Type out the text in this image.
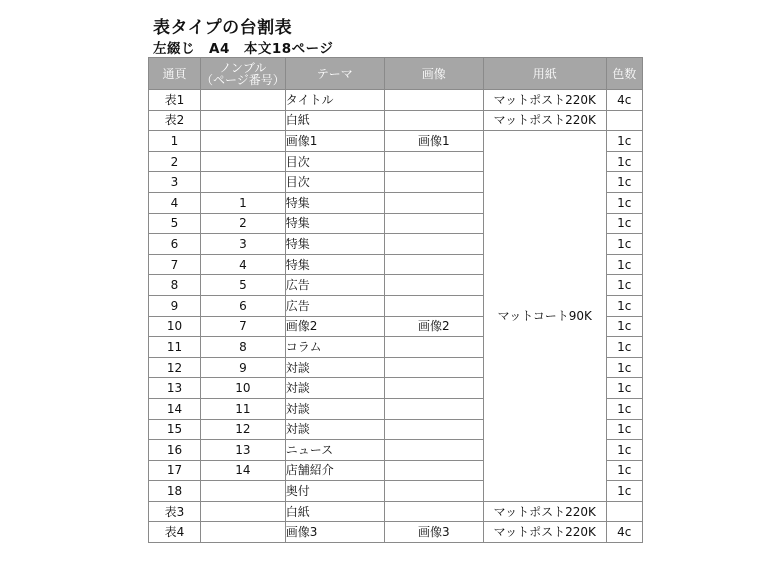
表タイプの台割表
左綴じ　A4　本文18ページ
通頁	ノンブル
（ページ番号）	テーマ	画像	用紙	色数
表1		タイトル		マットポスト220K	4c
表2		白紙		マットポスト220K	
1		画像1	画像1	マットコート90K	1c
2		目次			1c
3		目次			1c
4	1	特集			1c
5	2	特集			1c
6	3	特集			1c
7	4	特集			1c
8	5	広告			1c
9	6	広告			1c
10	7	画像2	画像2		1c
11	8	コラム			1c
12	9	対談			1c
13	10	対談			1c
14	11	対談			1c
15	12	対談			1c
16	13	ニュース			1c
17	14	店舗紹介			1c
18		奥付			1c
表3		白紙		マットポスト220K	
表4		画像3	画像3	マットポスト220K	4c
